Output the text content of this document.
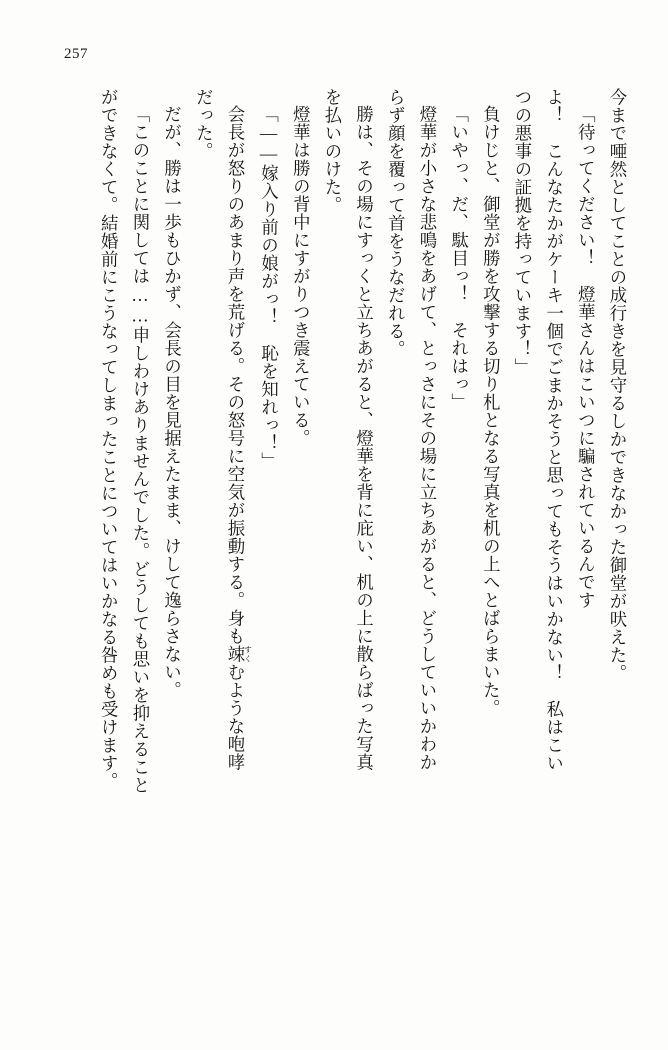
257
今まで唖然としてことの成行きを見守るしかできなかった御堂が吠えた。
「待ってください！　燈華さんはこいつに騙されているんです
よ！　こんなたかがケーキ一個でごまかそうと思ってもそうはいかない！　私はこい
つの悪事の証拠を持っています！」
負けじと、御堂が勝を攻撃する切り札となる写真を机の上へとばらまいた。
「いやっ、だ、駄目っ！　それはっ」
燈華が小さな悲鳴をあげて、とっさにその場に立ちあがると、どうしていいかわか
らず顔を覆って首をうなだれる。
勝は、その場にすっくと立ちあがると、燈華を背に庇い、机の上に散らばった写真
を払いのけた。
燈華は勝の背中にすがりつき震えている。
「――嫁入り前の娘がっ！　恥を知れっ！」
会長が怒りのあまり声を荒げる。その怒号に空気が振動する。身も竦すくむような咆哮
だった。
だが、勝は一歩もひかず、会長の目を見据えたまま、けして逸らさない。
「このことに関しては……申しわけありませんでした。どうしても思いを抑えること
ができなくて。結婚前にこうなってしまったことについてはいかなる咎めも受けます。
